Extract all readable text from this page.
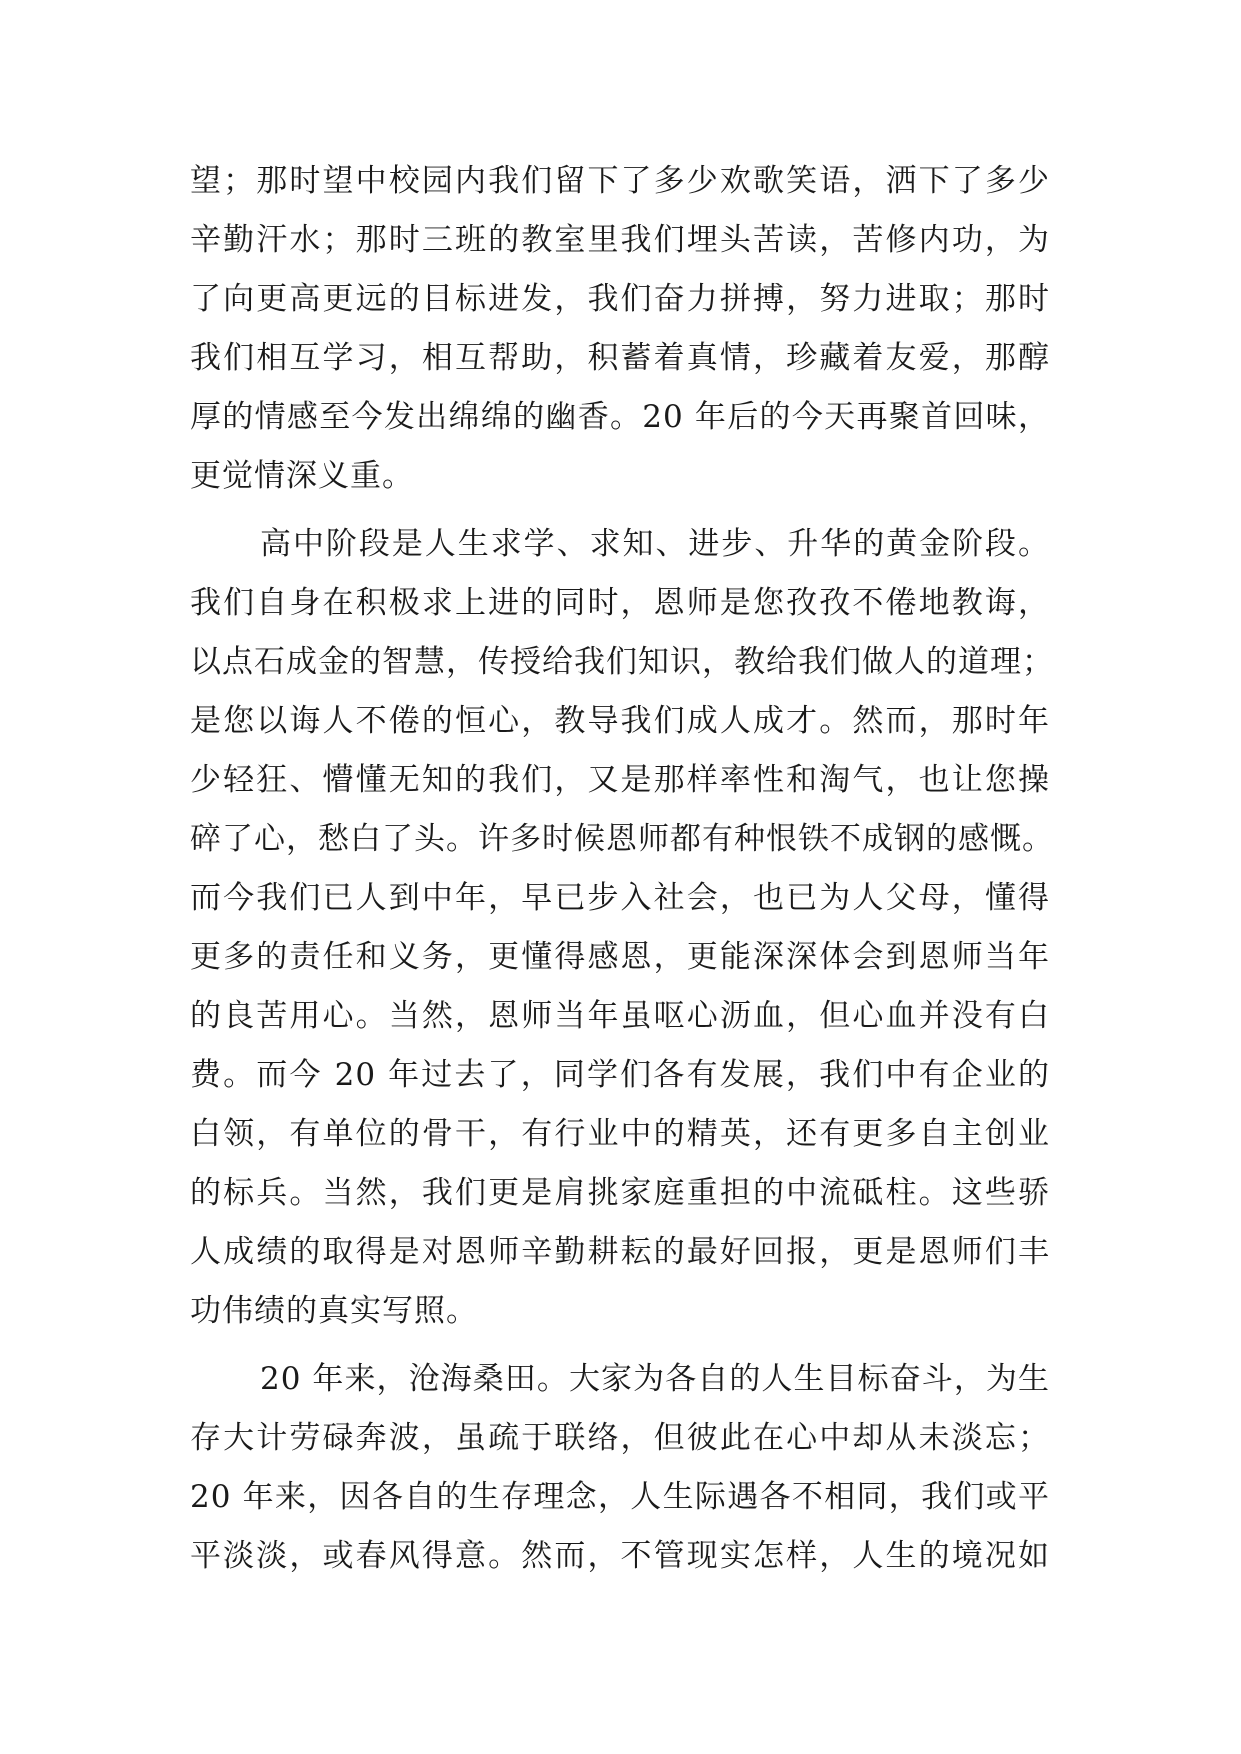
望；那时望中校园内我们留下了多少欢歌笑语，洒下了多少
辛勤汗水；那时三班的教室里我们埋头苦读，苦修内功，为
了向更高更远的目标进发，我们奋力拼搏，努力进取；那时
我们相互学习，相互帮助，积蓄着真情，珍藏着友爱，那醇
厚的情感至今发出绵绵的幽香。20 年后的今天再聚首回味，
更觉情深义重。
高中阶段是人生求学、求知、进步、升华的黄金阶段。
我们自身在积极求上进的同时，恩师是您孜孜不倦地教诲，
以点石成金的智慧，传授给我们知识，教给我们做人的道理；
是您以诲人不倦的恒心，教导我们成人成才。然而，那时年
少轻狂、懵懂无知的我们，又是那样率性和淘气，也让您操
碎了心，愁白了头。许多时候恩师都有种恨铁不成钢的感慨。
而今我们已人到中年，早已步入社会，也已为人父母，懂得
更多的责任和义务，更懂得感恩，更能深深体会到恩师当年
的良苦用心。当然，恩师当年虽呕心沥血，但心血并没有白
费。而今 20 年过去了，同学们各有发展，我们中有企业的
白领，有单位的骨干，有行业中的精英，还有更多自主创业
的标兵。当然，我们更是肩挑家庭重担的中流砥柱。这些骄
人成绩的取得是对恩师辛勤耕耘的最好回报，更是恩师们丰
功伟绩的真实写照。
20 年来，沧海桑田。大家为各自的人生目标奋斗，为生
存大计劳碌奔波，虽疏于联络，但彼此在心中却从未淡忘；
20 年来，因各自的生存理念，人生际遇各不相同，我们或平
平淡淡，或春风得意。然而，不管现实怎样，人生的境况如
